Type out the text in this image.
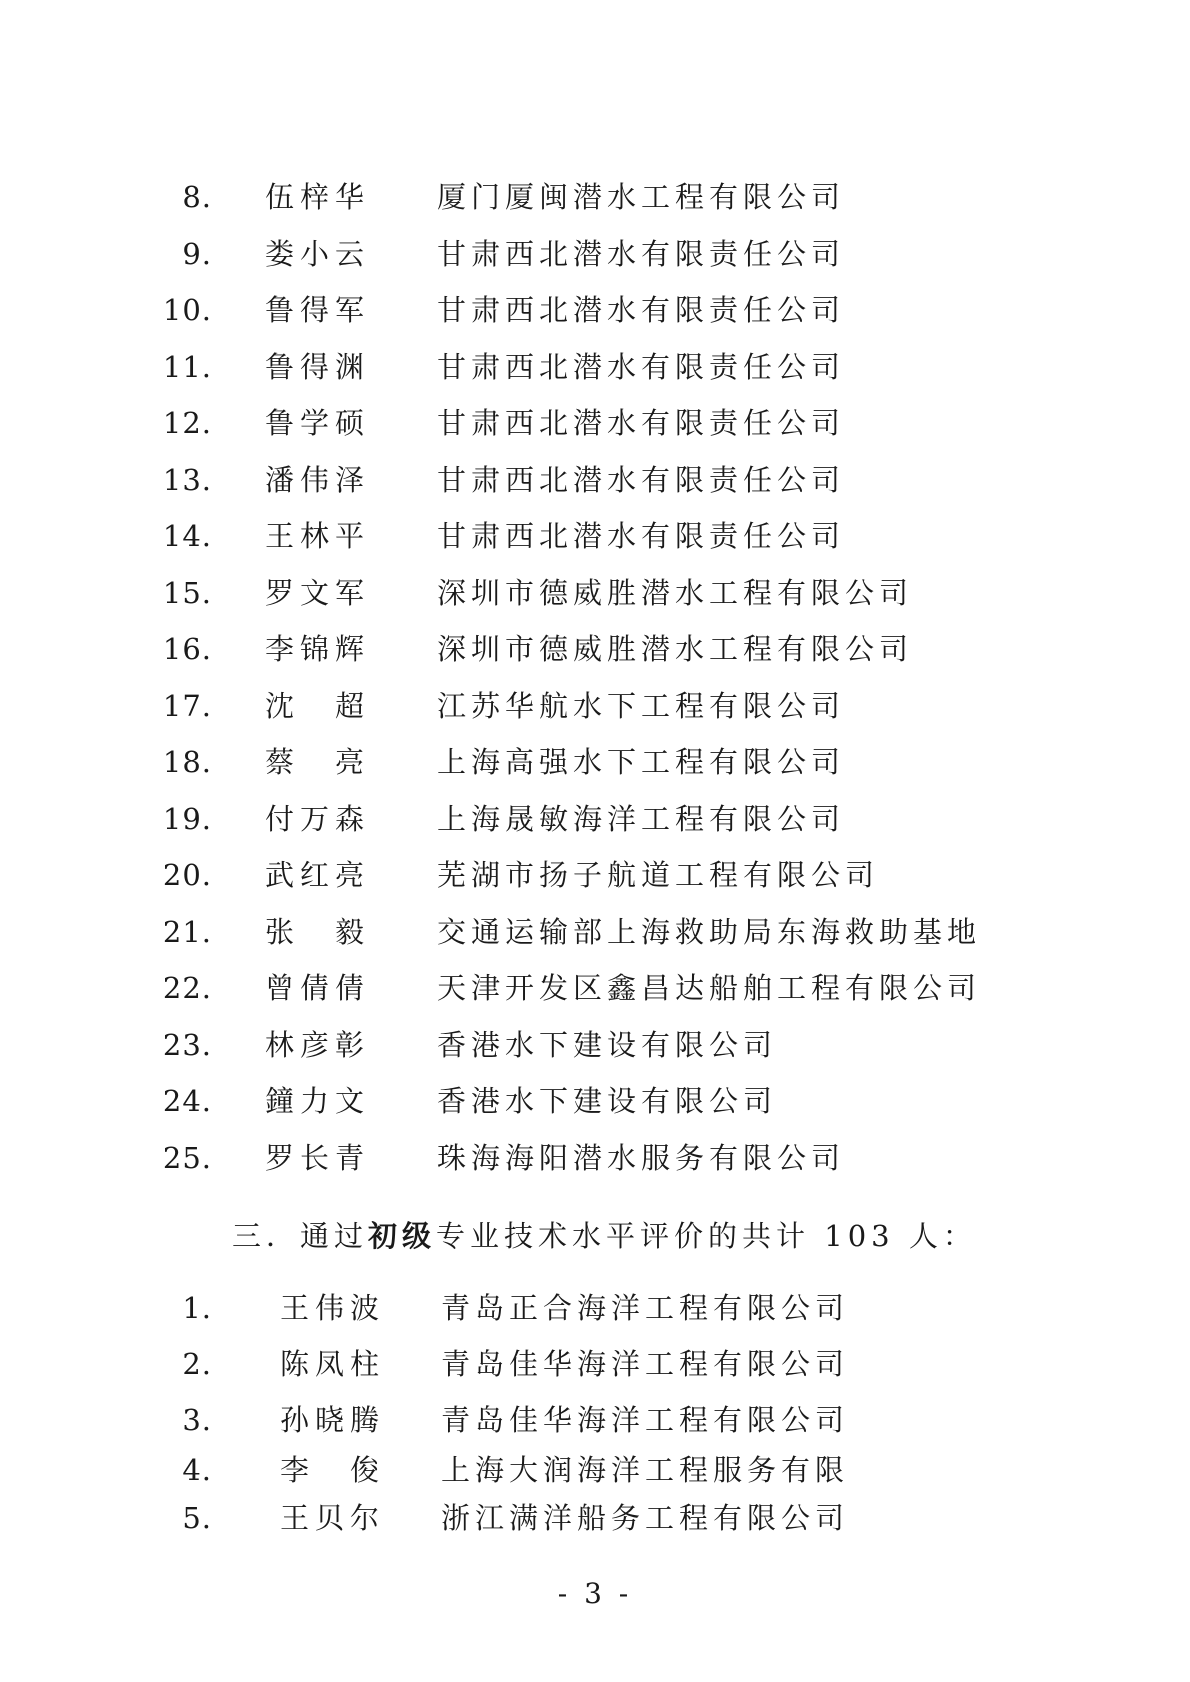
8. 伍梓华 厦门厦闽潜水工程有限公司
9. 娄小云 甘肃西北潜水有限责任公司
10. 鲁得军 甘肃西北潜水有限责任公司
11. 鲁得渊 甘肃西北潜水有限责任公司
12. 鲁学硕 甘肃西北潜水有限责任公司
13. 潘伟泽 甘肃西北潜水有限责任公司
14. 王林平 甘肃西北潜水有限责任公司
15. 罗文军 深圳市德威胜潜水工程有限公司
16. 李锦辉 深圳市德威胜潜水工程有限公司
17. 沈　超 江苏华航水下工程有限公司
18. 蔡　亮 上海高强水下工程有限公司
19. 付万森 上海晟敏海洋工程有限公司
20. 武红亮 芜湖市扬子航道工程有限公司
21. 张　毅 交通运输部上海救助局东海救助基地
22. 曾倩倩 天津开发区鑫昌达船舶工程有限公司
23. 林彦彰 香港水下建设有限公司
24. 鐘力文 香港水下建设有限公司
25. 罗长青 珠海海阳潜水服务有限公司
三．通过初级专业技术水平评价的共计 103 人：
1. 王伟波 青岛正合海洋工程有限公司
2. 陈凤柱 青岛佳华海洋工程有限公司
3. 孙晓腾 青岛佳华海洋工程有限公司
4. 李　俊 上海大润海洋工程服务有限
5. 王贝尔 浙江满洋船务工程有限公司
- 3 -
